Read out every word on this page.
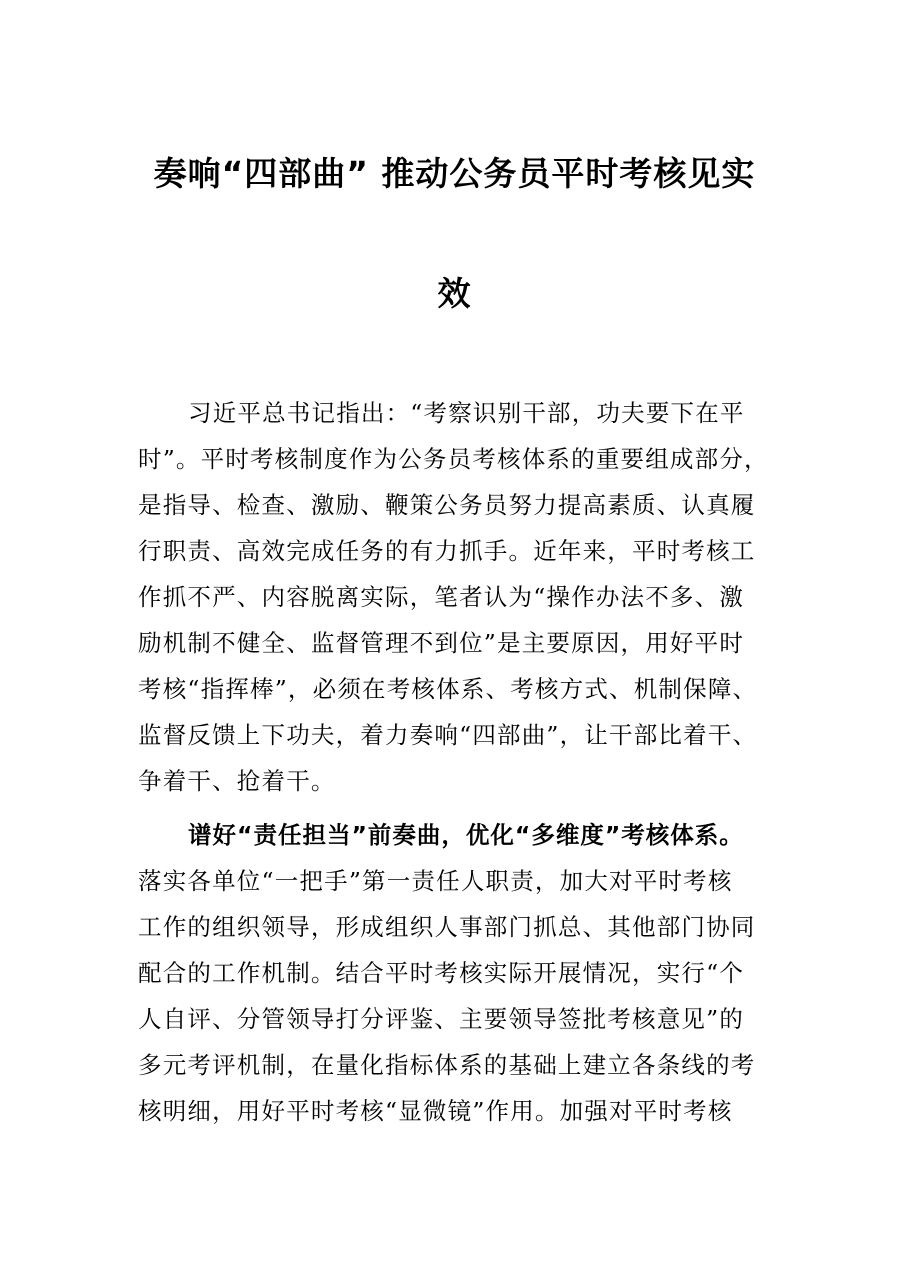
奏响“四部曲” 推动公务员平时考核见实
效
习近平总书记指出：“考察识别干部，功夫要下在平
时”。平时考核制度作为公务员考核体系的重要组成部分，
是指导、检查、激励、鞭策公务员努力提高素质、认真履
行职责、高效完成任务的有力抓手。近年来，平时考核工
作抓不严、内容脱离实际，笔者认为“操作办法不多、激
励机制不健全、监督管理不到位”是主要原因，用好平时
考核“指挥棒”，必须在考核体系、考核方式、机制保障、
监督反馈上下功夫，着力奏响“四部曲”，让干部比着干、
争着干、抢着干。
谱好“责任担当”前奏曲，优化“多维度”考核体系。
落实各单位“一把手”第一责任人职责，加大对平时考核
工作的组织领导，形成组织人事部门抓总、其他部门协同
配合的工作机制。结合平时考核实际开展情况，实行“个
人自评、分管领导打分评鉴、主要领导签批考核意见”的
多元考评机制，在量化指标体系的基础上建立各条线的考
核明细，用好平时考核“显微镜”作用。加强对平时考核
